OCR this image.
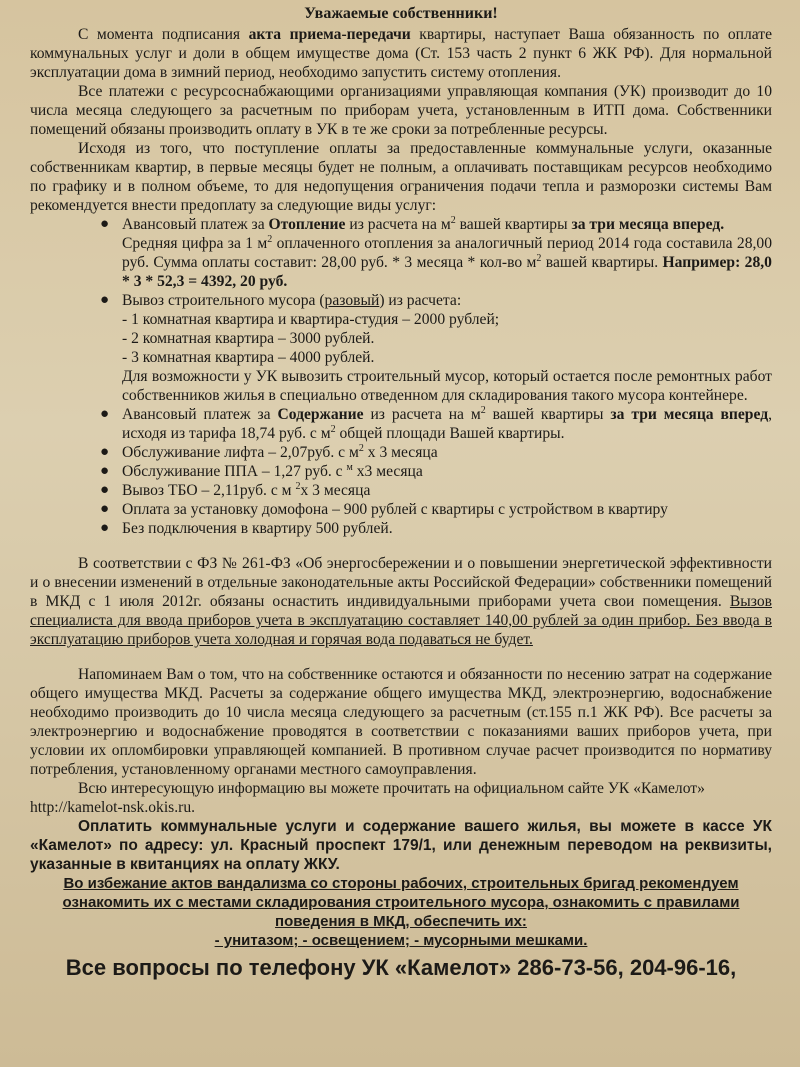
Уважаемые собственники!

С момента подписания акта приема-передачи квартиры, наступает Ваша обязанность по оплате коммунальных услуг и доли в общем имуществе дома (Ст. 153 часть 2 пункт 6 ЖК РФ). Для нормальной эксплуатации дома в зимний период, необходимо запустить систему отопления.

Все платежи с ресурсоснабжающими организациями управляющая компания (УК) производит до 10 числа месяца следующего за расчетным по приборам учета, установленным в ИТП дома. Собственники помещений обязаны производить оплату в УК в те же сроки за потребленные ресурсы.

Исходя из того, что поступление оплаты за предоставленные коммунальные услуги, оказанные собственникам квартир, в первые месяцы будет не полным, а оплачивать поставщикам ресурсов необходимо по графику и в полном объеме, то для недопущения ограничения подачи тепла и разморозки системы Вам рекомендуется внести предоплату за следующие виды услуг:

● Авансовый платеж за Отопление из расчета на $м^2$ вашей квартиры за три месяца вперед.
Средняя цифра за 1 $м^2$ оплаченного отопления за аналогичный период 2014 года составила 28,00 руб. Сумма оплаты составит: 28,00 руб. * 3 месяца * кол-во $м^2$ вашей квартиры. Например: 28,0 * 3 * 52,3 = 4392, 20 руб.
● Вывоз строительного мусора (разовый) из расчета:
- 1 комнатная квартира и квартира-студия – 2000 рублей;
- 2 комнатная квартира – 3000 рублей.
- 3 комнатная квартира – 4000 рублей.
Для возможности у УК вывозить строительный мусор, который остается после ремонтных работ собственников жилья в специально отведенном для складирования такого мусора контейнере.
● Авансовый платеж за Содержание из расчета на $м^2$ вашей квартиры за три месяца вперед, исходя из тарифа 18,74 руб. с $м^2$ общей площади Вашей квартиры.
● Обслуживание лифта – 2,07руб. с $м^2$ х 3 месяца
● Обслуживание ППА – 1,27 руб. с $^м$ х3 месяца
● Вывоз ТБО – 2,11руб. с м $^2$х 3 месяца
● Оплата за установку домофона – 900 рублей с квартиры с устройством в квартиру
● Без подключения в квартиру 500 рублей.

В соответствии с ФЗ № 261-ФЗ «Об энергосбережении и о повышении энергетической эффективности и о внесении изменений в отдельные законодательные акты Российской Федерации» собственники помещений в МКД с 1 июля 2012г. обязаны оснастить индивидуальными приборами учета свои помещения. Вызов специалиста для ввода приборов учета в эксплуатацию составляет 140,00 рублей за один прибор. Без ввода в эксплуатацию приборов учета холодная и горячая вода подаваться не будет.

Напоминаем Вам о том, что на собственнике остаются и обязанности по несению затрат на содержание общего имущества МКД. Расчеты за содержание общего имущества МКД, электроэнергию, водоснабжение необходимо производить до 10 числа месяца следующего за расчетным (ст.155 п.1 ЖК РФ). Все расчеты за электроэнергию и водоснабжение проводятся в соответствии с показаниями ваших приборов учета, при условии их опломбировки управляющей компанией. В противном случае расчет производится по нормативу потребления, установленному органами местного самоуправления.

Всю интересующую информацию вы можете прочитать на официальном сайте УК «Камелот»

http://kamelot-nsk.okis.ru.

Оплатить коммунальные услуги и содержание вашего жилья, вы можете в кассе УК «Камелот» по адресу: ул. Красный проспект 179/1, или денежным переводом на реквизиты, указанные в квитанциях на оплату ЖКУ.

Во избежание актов вандализма со стороны рабочих, строительных бригад рекомендуем
ознакомить их с местами складирования строительного мусора, ознакомить с правилами
поведения в МКД, обеспечить их:
- унитазом; - освещением; - мусорными мешками.
Все вопросы по телефону УК «Камелот» 286-73-56, 204-96-16,
